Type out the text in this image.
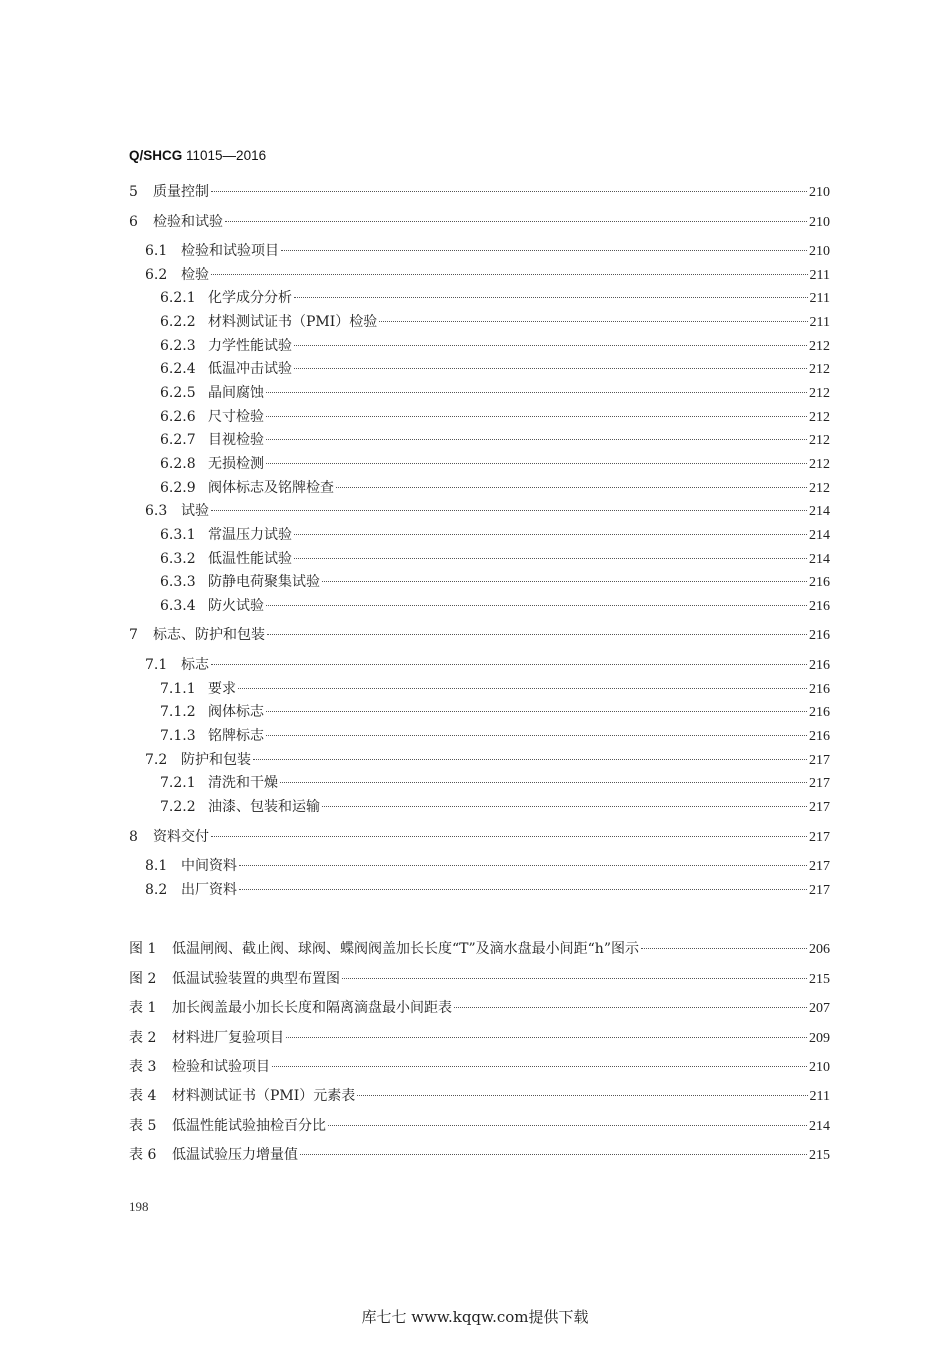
Q/SHCG 11015—2016
5	质量控制	210
6	检验和试验	210
6.1 检验和试验项目	210
6.2 检验	211
6.2.1 化学成分分析	211
6.2.2 材料测试证书（PMI）检验	211
6.2.3 力学性能试验	212
6.2.4 低温冲击试验	212
6.2.5 晶间腐蚀	212
6.2.6 尺寸检验	212
6.2.7 目视检验	212
6.2.8 无损检测	212
6.2.9 阀体标志及铭牌检查	212
6.3 试验	214
6.3.1 常温压力试验	214
6.3.2 低温性能试验	214
6.3.3 防静电荷聚集试验	216
6.3.4 防火试验	216
7	标志、防护和包装	216
7.1 标志	216
7.1.1 要求	216
7.1.2 阀体标志	216
7.1.3 铭牌标志	216
7.2 防护和包装	217
7.2.1 清洗和干燥	217
7.2.2 油漆、包装和运输	217
8	资料交付	217
8.1 中间资料	217
8.2 出厂资料	217
图 1	低温闸阀、截止阀、球阀、蝶阀阀盖加长长度“T”及滴水盘最小间距“h”图示	206
图 2	低温试验装置的典型布置图	215
表 1	加长阀盖最小加长长度和隔离滴盘最小间距表	207
表 2	材料进厂复验项目	209
表 3	检验和试验项目	210
表 4	材料测试证书（PMI）元素表	211
表 5	低温性能试验抽检百分比	214
表 6	低温试验压力增量值	215
198
库七七 www.kqqw.com提供下载
